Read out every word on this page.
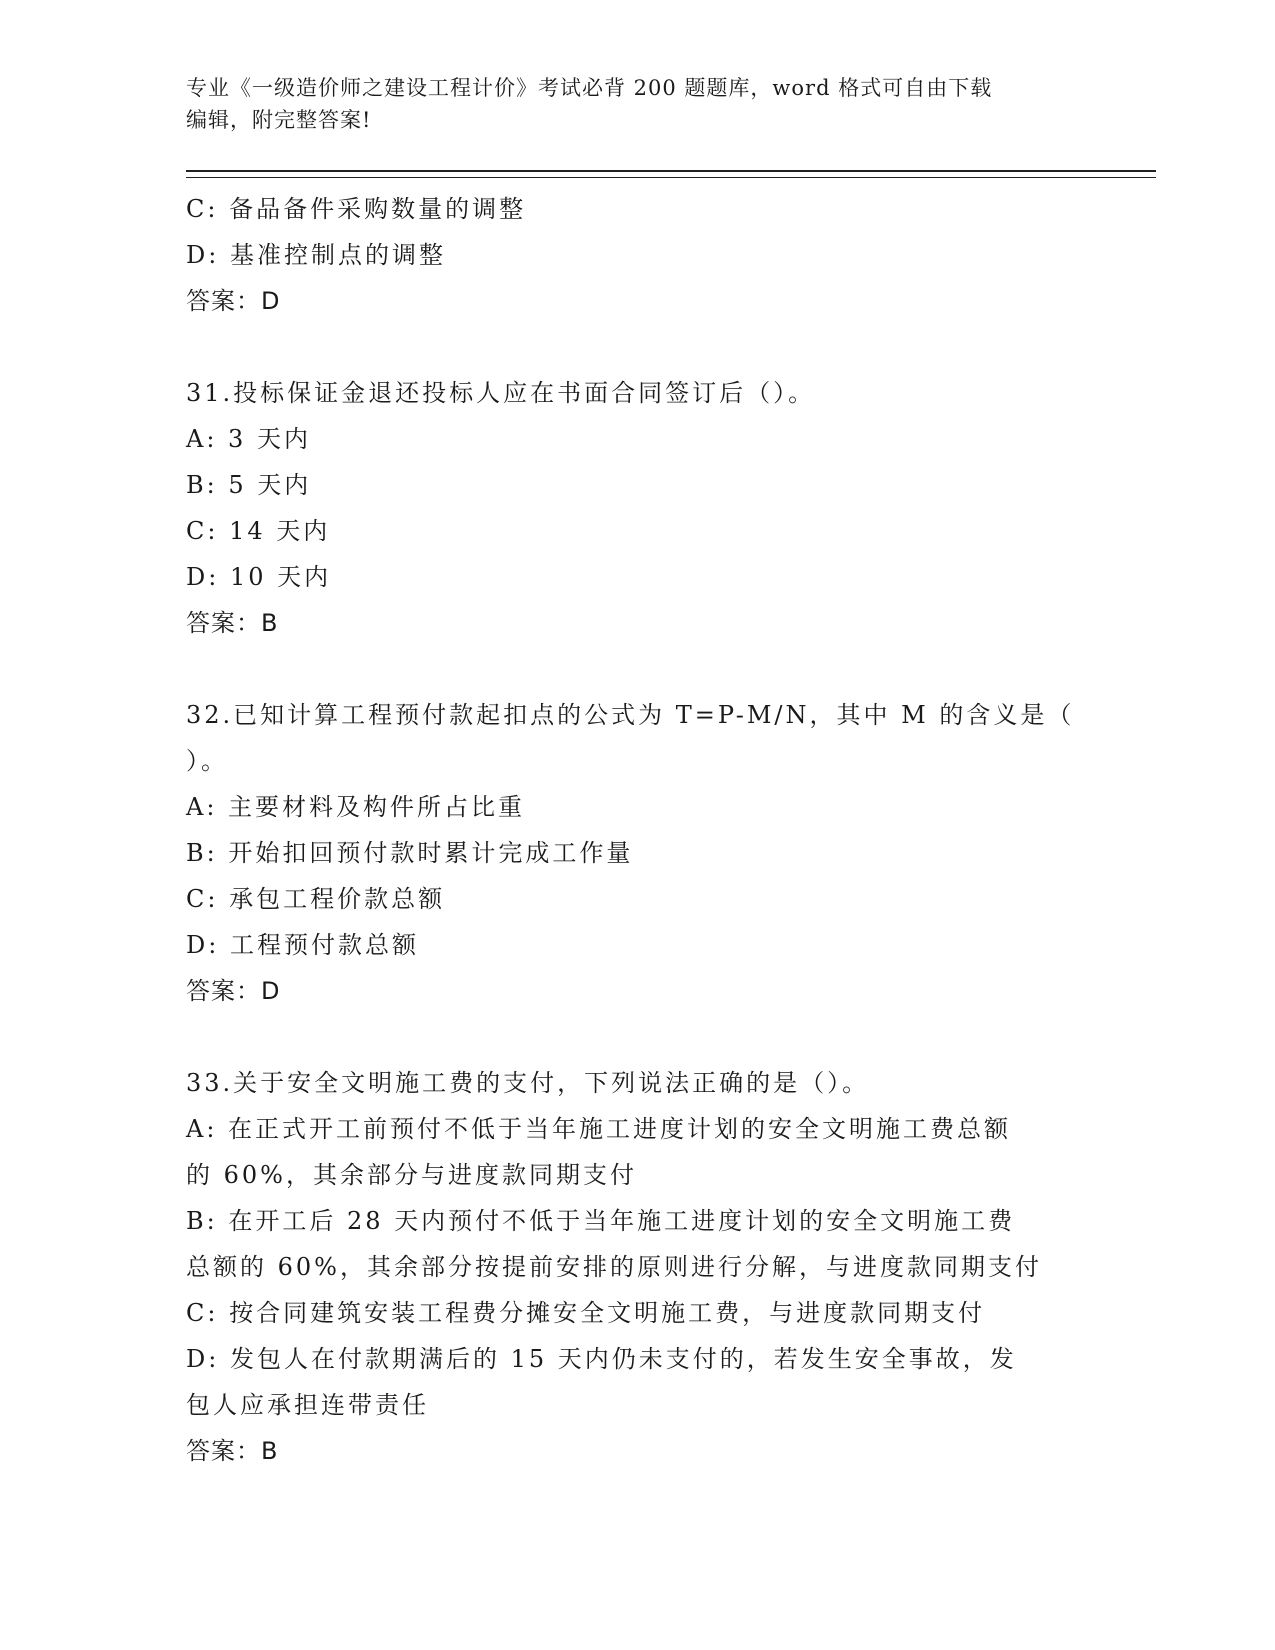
专业《一级造价师之建设工程计价》考试必背 200 题题库，word 格式可自由下载
编辑，附完整答案!

C: 备品备件采购数量的调整

D: 基准控制点的调整

答案：D

31.投标保证金退还投标人应在书面合同签订后（）。

A: 3 天内

B: 5 天内

C: 14 天内

D: 10 天内

答案：B

32.已知计算工程预付款起扣点的公式为 T=P-M/N，其中 M 的含义是（

）。

A: 主要材料及构件所占比重

B: 开始扣回预付款时累计完成工作量

C: 承包工程价款总额

D: 工程预付款总额

答案：D

33.关于安全文明施工费的支付，下列说法正确的是（）。

A: 在正式开工前预付不低于当年施工进度计划的安全文明施工费总额

的 60%，其余部分与进度款同期支付

B: 在开工后 28 天内预付不低于当年施工进度计划的安全文明施工费

总额的 60%，其余部分按提前安排的原则进行分解，与进度款同期支付

C: 按合同建筑安装工程费分摊安全文明施工费，与进度款同期支付

D: 发包人在付款期满后的 15 天内仍未支付的，若发生安全事故，发

包人应承担连带责任

答案：B
